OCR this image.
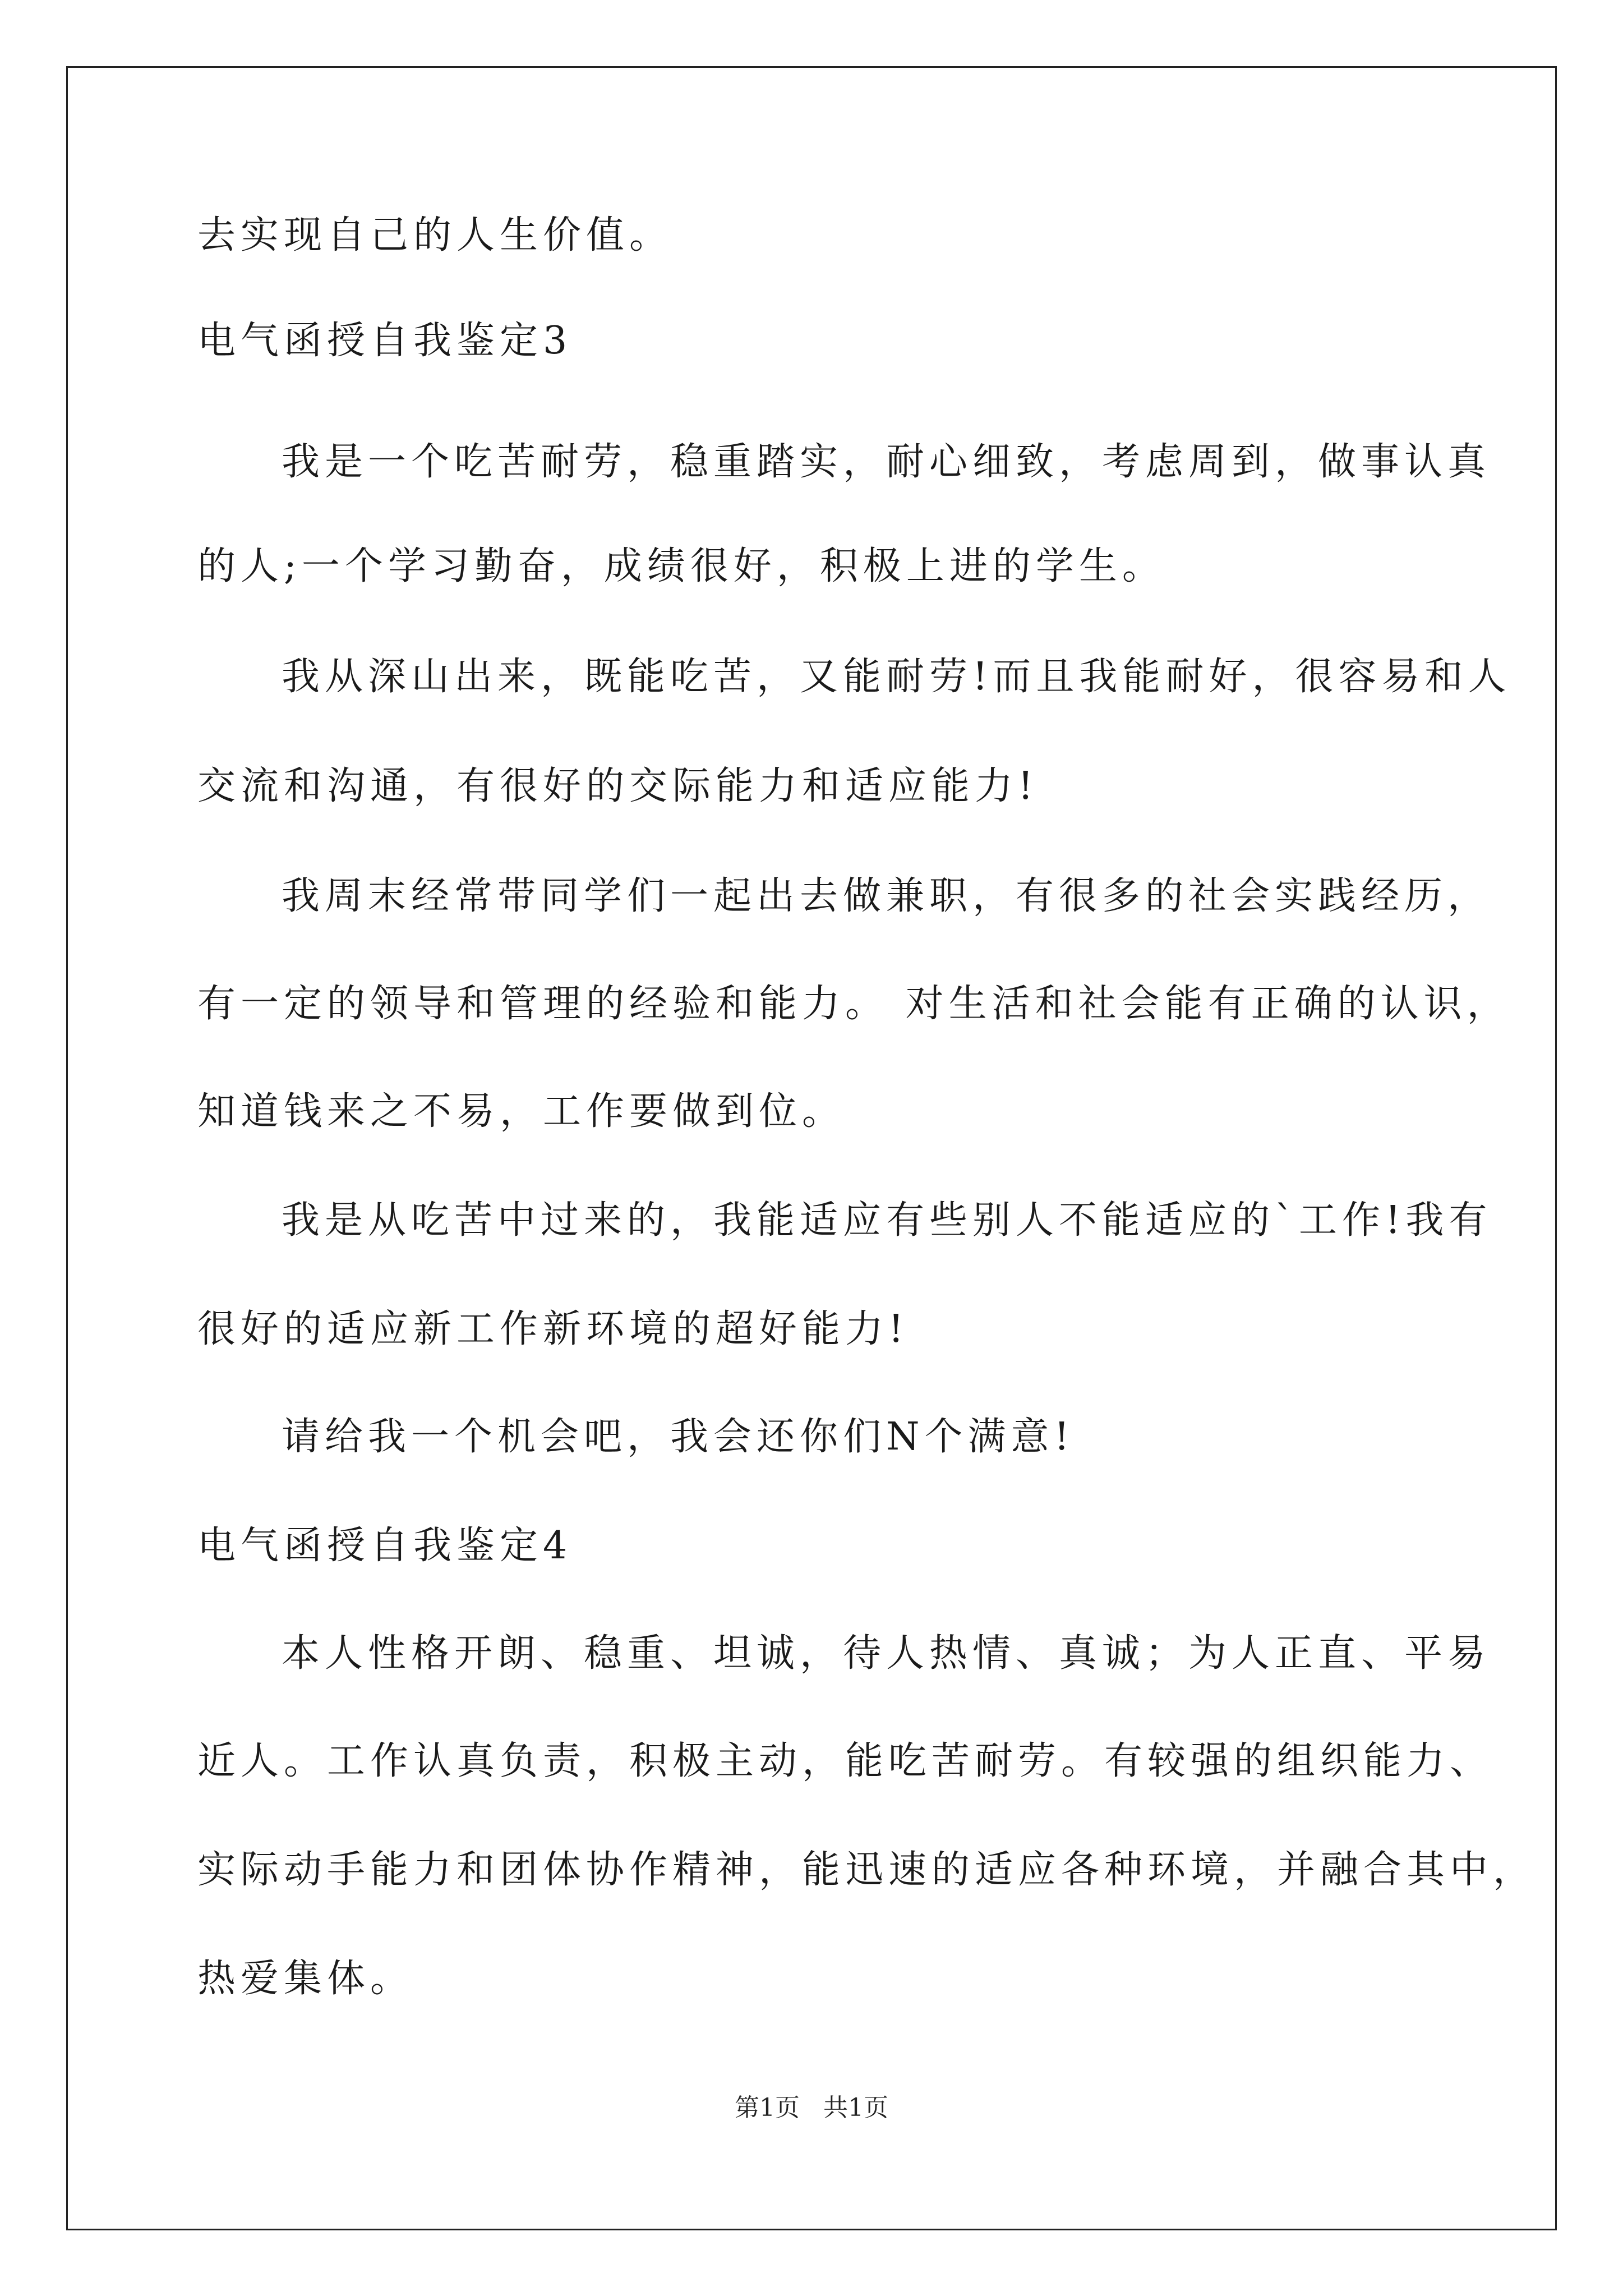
去实现自己的人生价值。
电气函授自我鉴定3
我是一个吃苦耐劳，稳重踏实，耐心细致，考虑周到，做事认真
的人;一个学习勤奋，成绩很好，积极上进的学生。
我从深山出来，既能吃苦，又能耐劳!而且我能耐好，很容易和人
交流和沟通，有很好的交际能力和适应能力!
我周末经常带同学们一起出去做兼职，有很多的社会实践经历，
有一定的领导和管理的经验和能力。 对生活和社会能有正确的认识，
知道钱来之不易，工作要做到位。
我是从吃苦中过来的，我能适应有些别人不能适应的`工作!我有
很好的适应新工作新环境的超好能力!
请给我一个机会吧，我会还你们N个满意!
电气函授自我鉴定4
本人性格开朗、稳重、坦诚，待人热情、真诚；为人正直、平易
近人。工作认真负责，积极主动，能吃苦耐劳。有较强的组织能力、
实际动手能力和团体协作精神，能迅速的适应各种环境，并融合其中，
热爱集体。
第1页   共1页
